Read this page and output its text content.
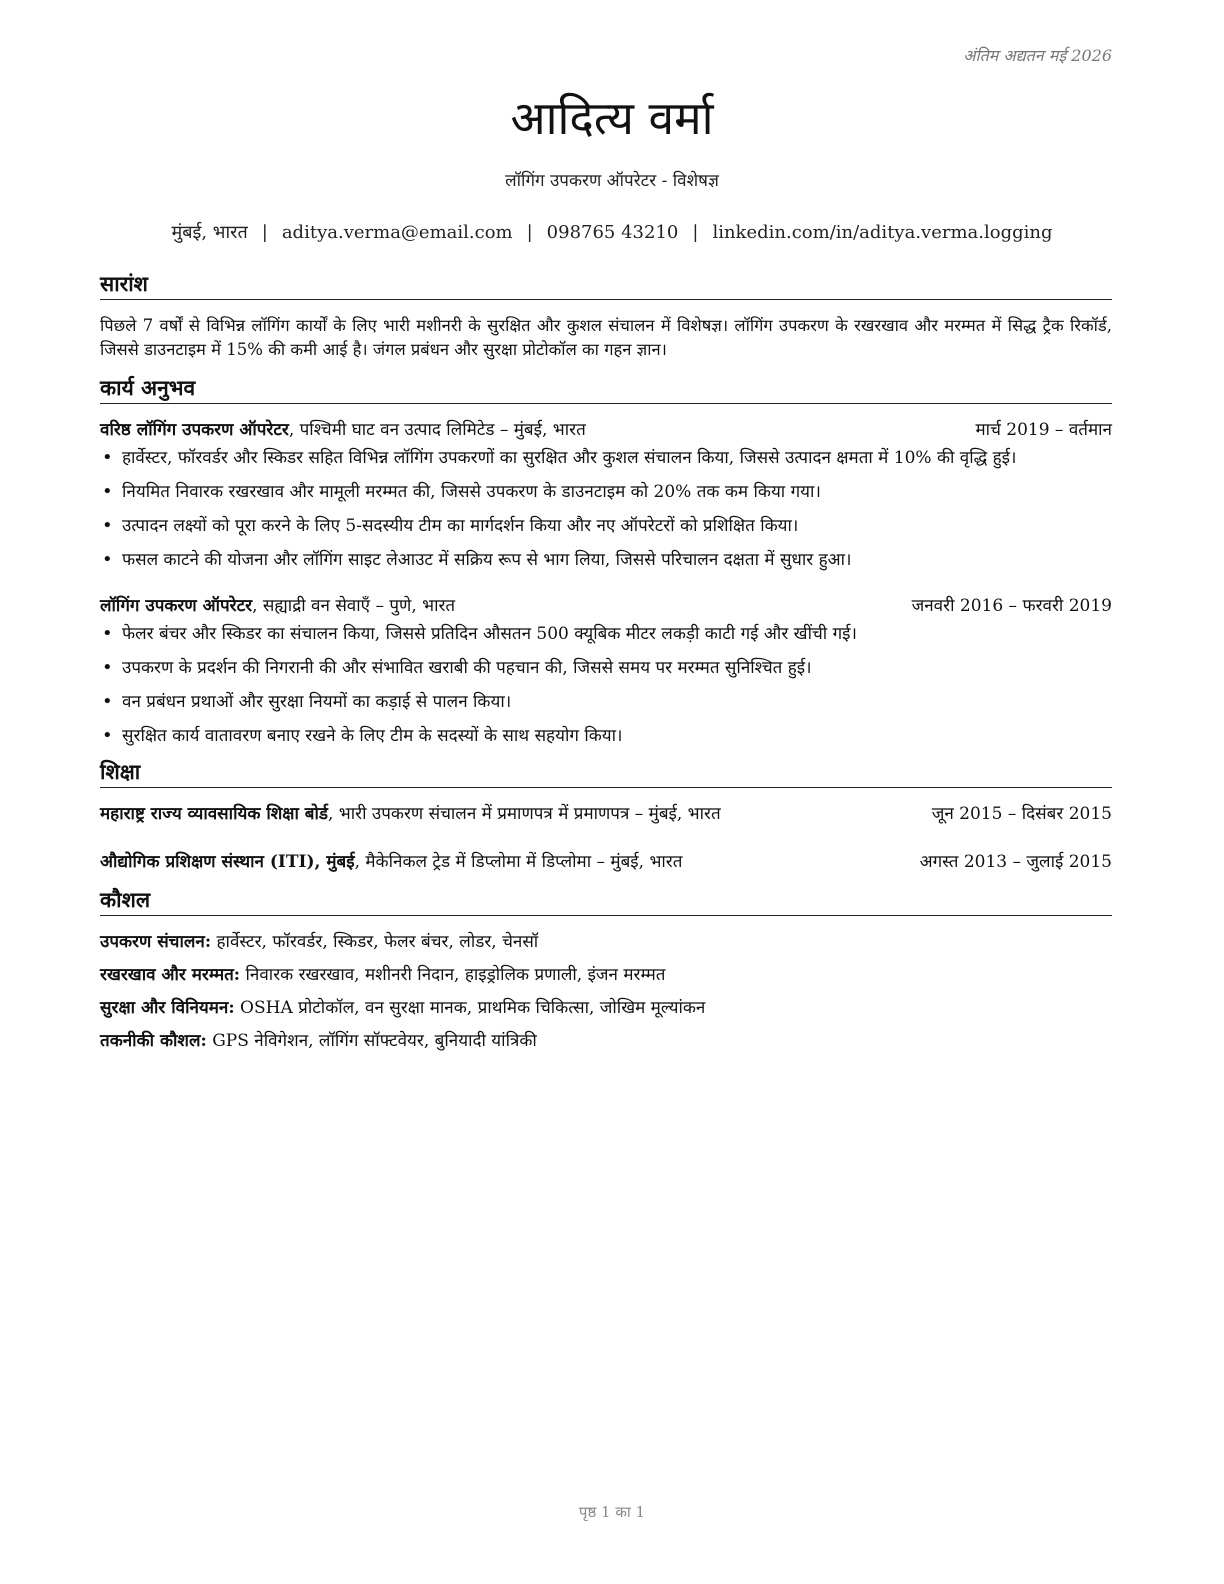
अंतिम अद्यतन मई 2026
आदित्य वर्मा
लॉगिंग उपकरण ऑपरेटर - विशेषज्ञ
मुंबई, भारत | aditya.verma@email.com | 098765 43210 | linkedin.com/in/aditya.verma.logging
सारांश

पिछले 7 वर्षों से विभिन्न लॉगिंग कार्यों के लिए भारी मशीनरी के सुरक्षित और कुशल संचालन में विशेषज्ञ। लॉगिंग उपकरण के रखरखाव और मरम्मत में सिद्ध ट्रैक रिकॉर्ड, जिससे डाउनटाइम में 15% की कमी आई है। जंगल प्रबंधन और सुरक्षा प्रोटोकॉल का गहन ज्ञान।

कार्य अनुभव
वरिष्ठ लॉगिंग उपकरण ऑपरेटर, पश्चिमी घाट वन उत्पाद लिमिटेड – मुंबई, भारत	मार्च 2019 – वर्तमान
• हार्वेस्टर, फॉरवर्डर और स्किडर सहित विभिन्न लॉगिंग उपकरणों का सुरक्षित और कुशल संचालन किया, जिससे उत्पादन क्षमता में 10% की वृद्धि हुई।
• नियमित निवारक रखरखाव और मामूली मरम्मत की, जिससे उपकरण के डाउनटाइम को 20% तक कम किया गया।
• उत्पादन लक्ष्यों को पूरा करने के लिए 5-सदस्यीय टीम का मार्गदर्शन किया और नए ऑपरेटरों को प्रशिक्षित किया।
• फसल काटने की योजना और लॉगिंग साइट लेआउट में सक्रिय रूप से भाग लिया, जिससे परिचालन दक्षता में सुधार हुआ।
लॉगिंग उपकरण ऑपरेटर, सह्याद्री वन सेवाएँ – पुणे, भारत	जनवरी 2016 – फरवरी 2019
• फेलर बंचर और स्किडर का संचालन किया, जिससे प्रतिदिन औसतन 500 क्यूबिक मीटर लकड़ी काटी गई और खींची गई।
• उपकरण के प्रदर्शन की निगरानी की और संभावित खराबी की पहचान की, जिससे समय पर मरम्मत सुनिश्चित हुई।
• वन प्रबंधन प्रथाओं और सुरक्षा नियमों का कड़ाई से पालन किया।
• सुरक्षित कार्य वातावरण बनाए रखने के लिए टीम के सदस्यों के साथ सहयोग किया।
शिक्षा
महाराष्ट्र राज्य व्यावसायिक शिक्षा बोर्ड, भारी उपकरण संचालन में प्रमाणपत्र में प्रमाणपत्र – मुंबई, भारत	जून 2015 – दिसंबर 2015
औद्योगिक प्रशिक्षण संस्थान (ITI), मुंबई, मैकेनिकल ट्रेड में डिप्लोमा में डिप्लोमा – मुंबई, भारत	अगस्त 2013 – जुलाई 2015
कौशल
उपकरण संचालन: हार्वेस्टर, फॉरवर्डर, स्किडर, फेलर बंचर, लोडर, चेनसॉ
रखरखाव और मरम्मत: निवारक रखरखाव, मशीनरी निदान, हाइड्रोलिक प्रणाली, इंजन मरम्मत
सुरक्षा और विनियमन: OSHA प्रोटोकॉल, वन सुरक्षा मानक, प्राथमिक चिकित्सा, जोखिम मूल्यांकन
तकनीकी कौशल: GPS नेविगेशन, लॉगिंग सॉफ्टवेयर, बुनियादी यांत्रिकी
पृष्ठ 1 का 1
